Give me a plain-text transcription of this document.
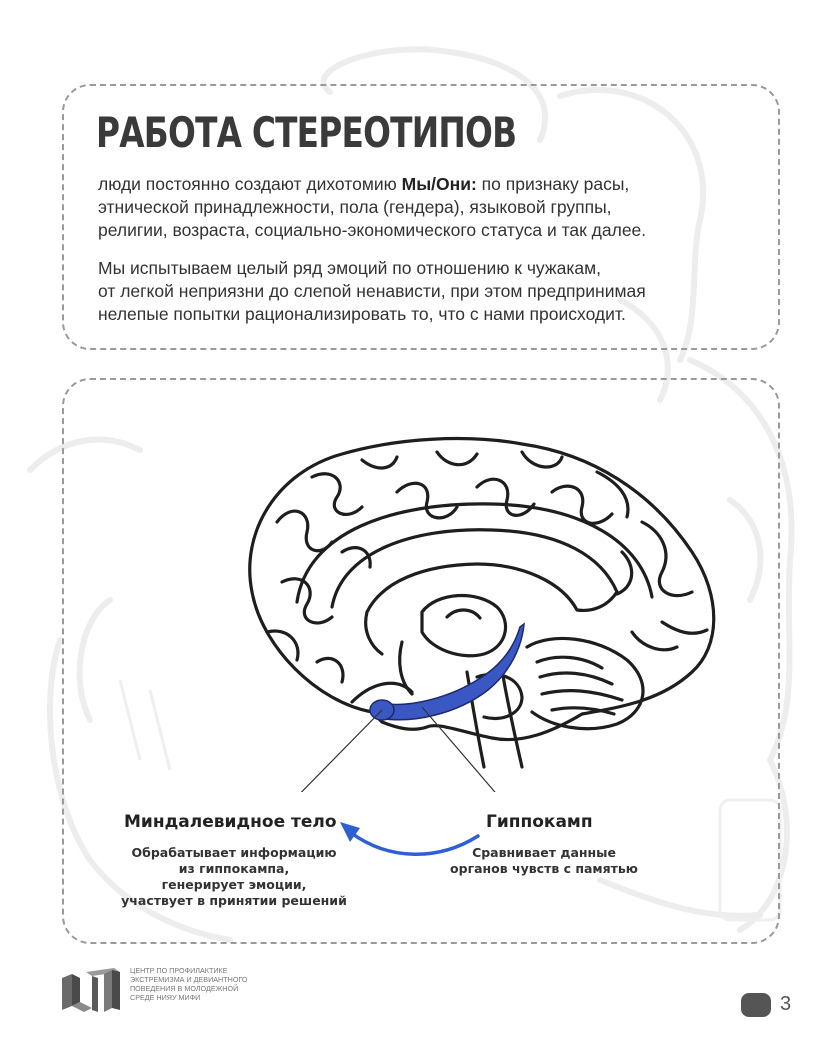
РАБОТА СТЕРЕОТИПОВ

люди постоянно создают дихотомию Мы/Они: по признаку расы,
этнической принадлежности, пола (гендера), языковой группы,
религии, возраста, социально-экономического статуса и так далее.

Мы испытываем целый ряд эмоций по отношению к чужакам,
от легкой неприязни до слепой ненависти, при этом предпринимая
нелепые попытки рационализировать то, что с нами происходит.

Миндалевидное тело
Обрабатывает информацию
из гиппокампа,
генерирует эмоции,
участвует в принятии решений
Гиппокамп
Сравнивает данные
органов чувств с памятью
ЦЕНТР ПО ПРОФИЛАКТИКЕ
ЭКСТРЕМИЗМА И ДЕВИАНТНОГО
ПОВЕДЕНИЯ В МОЛОДЕЖНОЙ
СРЕДЕ НИЯУ МИФИ	3
